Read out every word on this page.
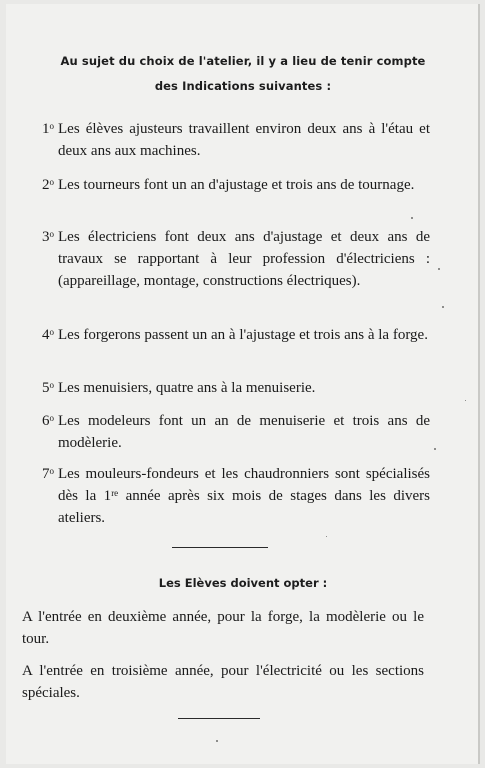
Au sujet du choix de l'atelier, il y a lieu de tenir compte
des Indications suivantes :
1$^o$ Les élèves ajusteurs travaillent environ deux ans à l'étau et deux ans aux machines.
2$^o$ Les tourneurs font un an d'ajustage et trois ans de tournage.
3$^o$ Les électriciens font deux ans d'ajustage et deux ans de travaux se rapportant à leur profession d'électriciens : (appareillage, montage, constructions électriques).
4$^o$ Les forgerons passent un an à l'ajustage et trois ans à la forge.
5$^o$ Les menuisiers, quatre ans à la menuiserie.
6$^o$ Les modeleurs font un an de menuiserie et trois ans de modèlerie.
7$^o$ Les mouleurs-fondeurs et les chaudronniers sont spécialisés dès la 1re année après six mois de stages dans les divers ateliers.
Les Elèves doivent opter :
A l'entrée en deuxième année, pour la forge, la modèlerie ou le tour.
A l'entrée en troisième année, pour l'électricité ou les sections spéciales.
